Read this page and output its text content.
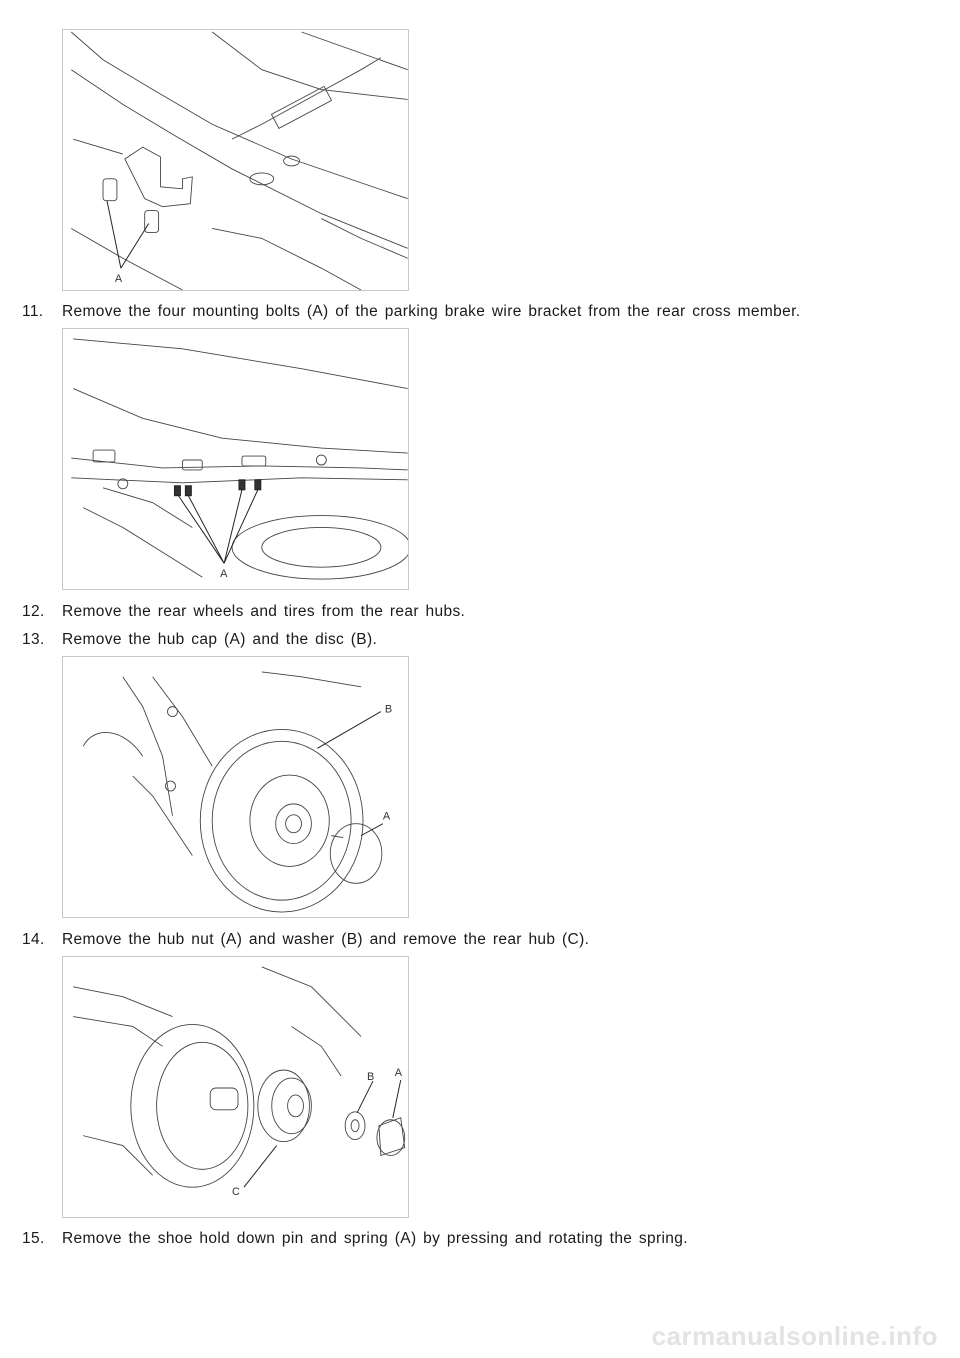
A
11. Remove the four mounting bolts (A) of the parking brake wire bracket from the rear cross member.
A
12. Remove the rear wheels and tires from the rear hubs.
13. Remove the hub cap (A) and the disc (B).
B
A
14. Remove the hub nut (A) and washer (B) and remove the rear hub (C).
B A
C
15. Remove the shoe hold down pin and spring (A) by pressing and rotating the spring.
carmanualsonline.info
